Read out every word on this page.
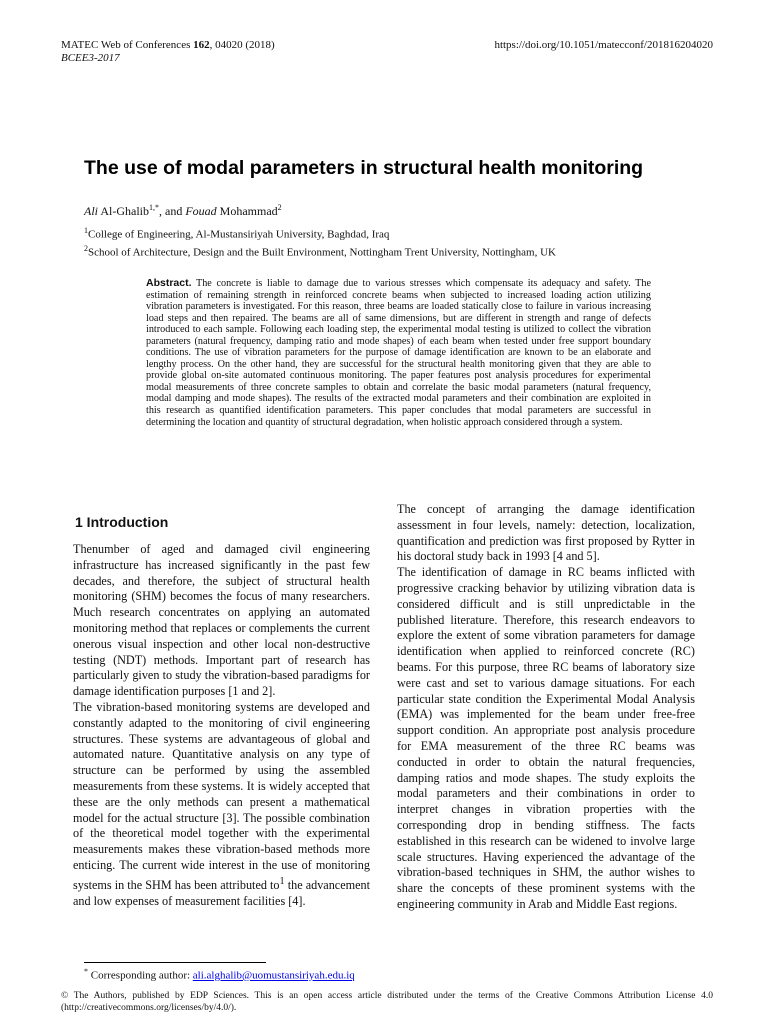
MATEC Web of Conferences 162, 04020 (2018)
BCEE3-2017
https://doi.org/10.1051/matecconf/201816204020
The use of modal parameters in structural health monitoring
Ali Al-Ghalib$^{1,*}$, and Fouad Mohammad$^2$
$^1$College of Engineering, Al-Mustansiriyah University, Baghdad, Iraq
$^2$School of Architecture, Design and the Built Environment, Nottingham Trent University, Nottingham, UK

Abstract. The concrete is liable to damage due to various stresses which compensate its adequacy and safety. The estimation of remaining strength in reinforced concrete beams when subjected to increased loading action utilizing vibration parameters is investigated. For this reason, three beams are loaded statically close to failure in various increasing load steps and then repaired. The beams are all of same dimensions, but are different in strength and range of defects introduced to each sample. Following each loading step, the experimental modal testing is utilized to collect the vibration parameters (natural frequency, damping ratio and mode shapes) of each beam when tested under free support boundary conditions. The use of vibration parameters for the purpose of damage identification are known to be an elaborate and lengthy process. On the other hand, they are successful for the structural health monitoring given that they are able to provide global on-site automated continuous monitoring. The paper features post analysis procedures for experimental modal measurements of three concrete samples to obtain and correlate the basic modal parameters (natural frequency, modal damping and mode shapes). The results of the extracted modal parameters and their combination are exploited in this research as quantified identification parameters. This paper concludes that modal parameters are successful in determining the location and quantity of structural degradation, when holistic approach considered through a system.

1 Introduction

Thenumber of aged and damaged civil engineering infrastructure has increased significantly in the past few decades, and therefore, the subject of structural health monitoring (SHM) becomes the focus of many researchers. Much research concentrates on applying an automated monitoring method that replaces or complements the current onerous visual inspection and other local non-destructive testing (NDT) methods. Important part of research has particularly given to study the vibration-based paradigms for damage identification purposes [1 and 2].

The vibration-based monitoring systems are developed and constantly adapted to the monitoring of civil engineering structures. These systems are advantageous of global and automated nature. Quantitative analysis on any type of structure can be performed by using the assembled measurements from these systems. It is widely accepted that these are the only methods can present a mathematical model for the actual structure [3]. The possible combination of the theoretical model together with the experimental measurements makes these vibration-based methods more enticing. The current wide interest in the use of monitoring systems in the SHM has been attributed $to^1$ the advancement and low expenses of measurement facilities [4].

The concept of arranging the damage identification assessment in four levels, namely: detection, localization, quantification and prediction was first proposed by Rytter in his doctoral study back in 1993 [4 and 5].

The identification of damage in RC beams inflicted with progressive cracking behavior by utilizing vibration data is considered difficult and is still unpredictable in the published literature. Therefore, this research endeavors to explore the extent of some vibration parameters for damage identification when applied to reinforced concrete (RC) beams. For this purpose, three RC beams of laboratory size were cast and set to various damage situations. For each particular state condition the Experimental Modal Analysis (EMA) was implemented for the beam under free-free support condition. An appropriate post analysis procedure for EMA measurement of the three RC beams was conducted in order to obtain the natural frequencies, damping ratios and mode shapes. The study exploits the modal parameters and their combinations in order to interpret changes in vibration properties with the corresponding drop in bending stiffness. The facts established in this research can be widened to involve large scale structures. Having experienced the advantage of the vibration-based techniques in SHM, the author wishes to share the concepts of these prominent systems with the engineering community in Arab and Middle East regions.

* Corresponding author: ali.alghalib@uomustansiriyah.edu.iq

© The Authors, published by EDP Sciences. This is an open access article distributed under the terms of the Creative Commons Attribution License 4.0 (http://creativecommons.org/licenses/by/4.0/).
